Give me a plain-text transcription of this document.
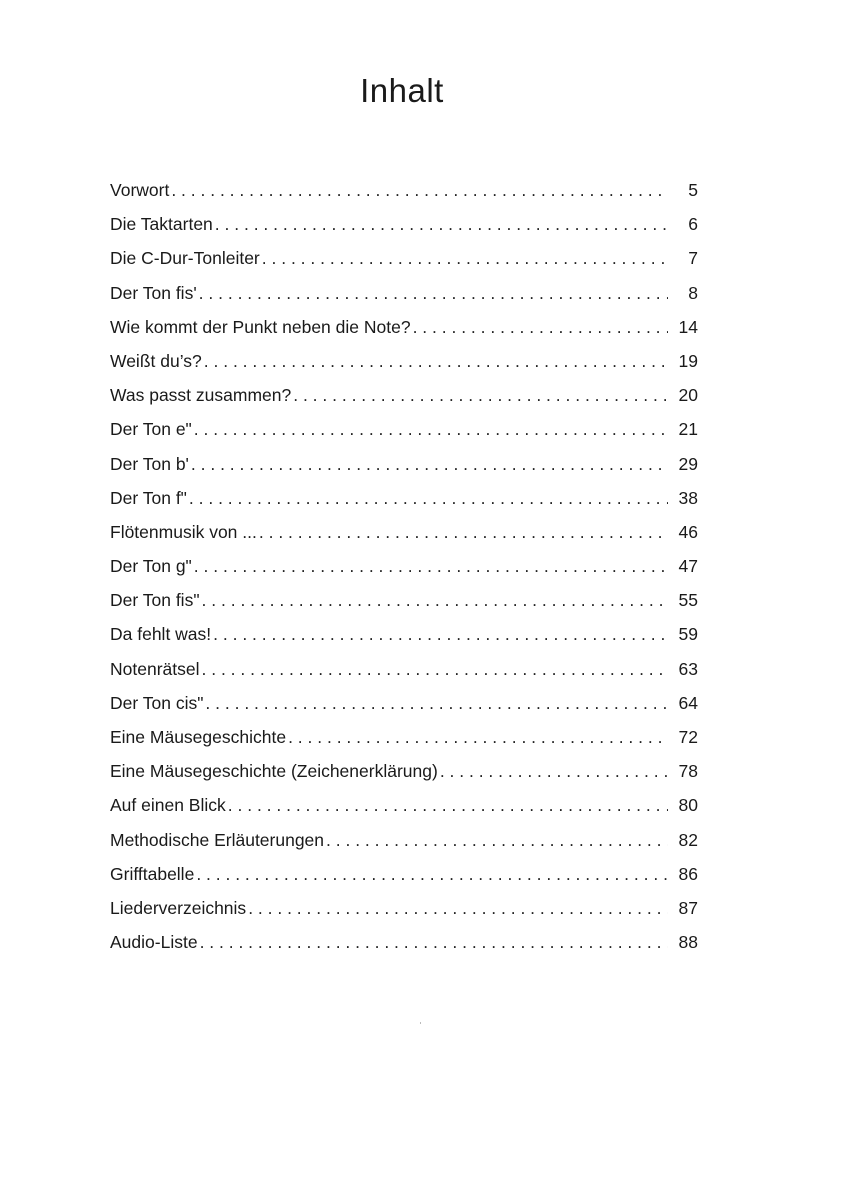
Inhalt
Vorwort . . .	5
Die Taktarten . . .	6
Die C-Dur-Tonleiter . . .	7
Der Ton fis' . . .	8
Wie kommt der Punkt neben die Note? . . .	14
Weißt du’s? . . .	19
Was passt zusammen? . . .	20
Der Ton e" . . .	21
Der Ton b' . . .	29
Der Ton f" . . .	38
Flötenmusik von ... . . .	46
Der Ton g" . . .	47
Der Ton fis" . . .	55
Da fehlt was! . . .	59
Notenrätsel . . .	63
Der Ton cis" . . .	64
Eine Mäusegeschichte . . .	72
Eine Mäusegeschichte (Zeichenerklärung) . . .	78
Auf einen Blick . . .	80
Methodische Erläuterungen . . .	82
Grifftabelle . . .	86
Liederverzeichnis . . .	87
Audio-Liste . . .	88
